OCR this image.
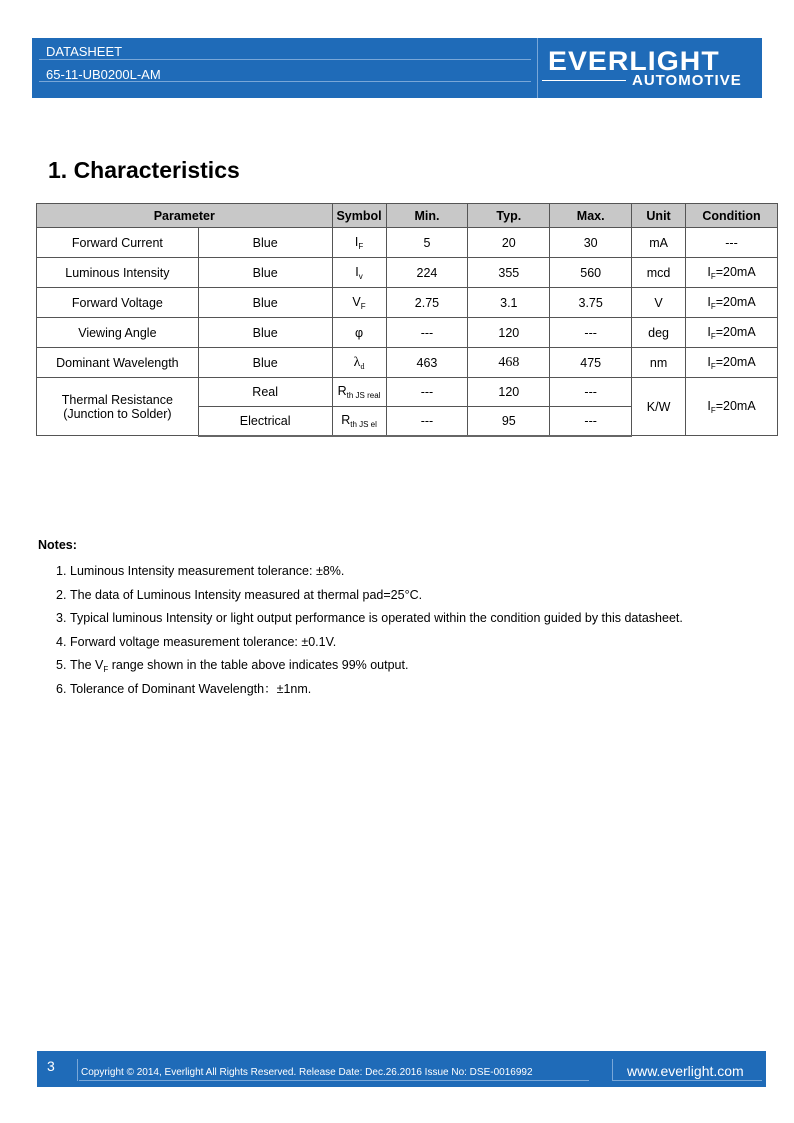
DATASHEET
65-11-UB0200L-AM	EVERLIGHT
AUTOMOTIVE
1. Characteristics
Parameter		Symbol	Min.	Typ.	Max.	Unit	Condition
Forward Current	Blue	$I_F$	5	20	30	mA	---
Luminous Intensity	Blue	$I_v$	224	355	560	mcd	$I_F=20mA$
Forward Voltage	Blue	$V_F$	2.75	3.1	3.75	V	$I_F=20mA$
Viewing Angle	Blue	φ	---	120	---	deg	$I_F=20mA$
Dominant Wavelength	Blue	$\lambda_d$	463	468	475	nm	$I_F=20mA$

Thermal Resistance
(Junction to Solder)	Real	$R_{th JS real}$	---	120	---	K/W	$I_F=20mA$
	Electrical	$R_{th JS el}$	---	95	---		
Notes:
1. Luminous Intensity measurement tolerance: ±8%.
2. The data of Luminous Intensity measured at thermal pad=25°C.
3. Typical luminous Intensity or light output performance is operated within the condition guided by this datasheet.
4. Forward voltage measurement tolerance: ±0.1V.
5. The $V_F$ range shown in the table above indicates 99% output.
6. Tolerance of Dominant Wavelength：±1nm.
3	Copyright © 2014, Everlight All Rights Reserved. Release Date: Dec.26.2016 Issue No: DSE-0016992	www.everlight.com
